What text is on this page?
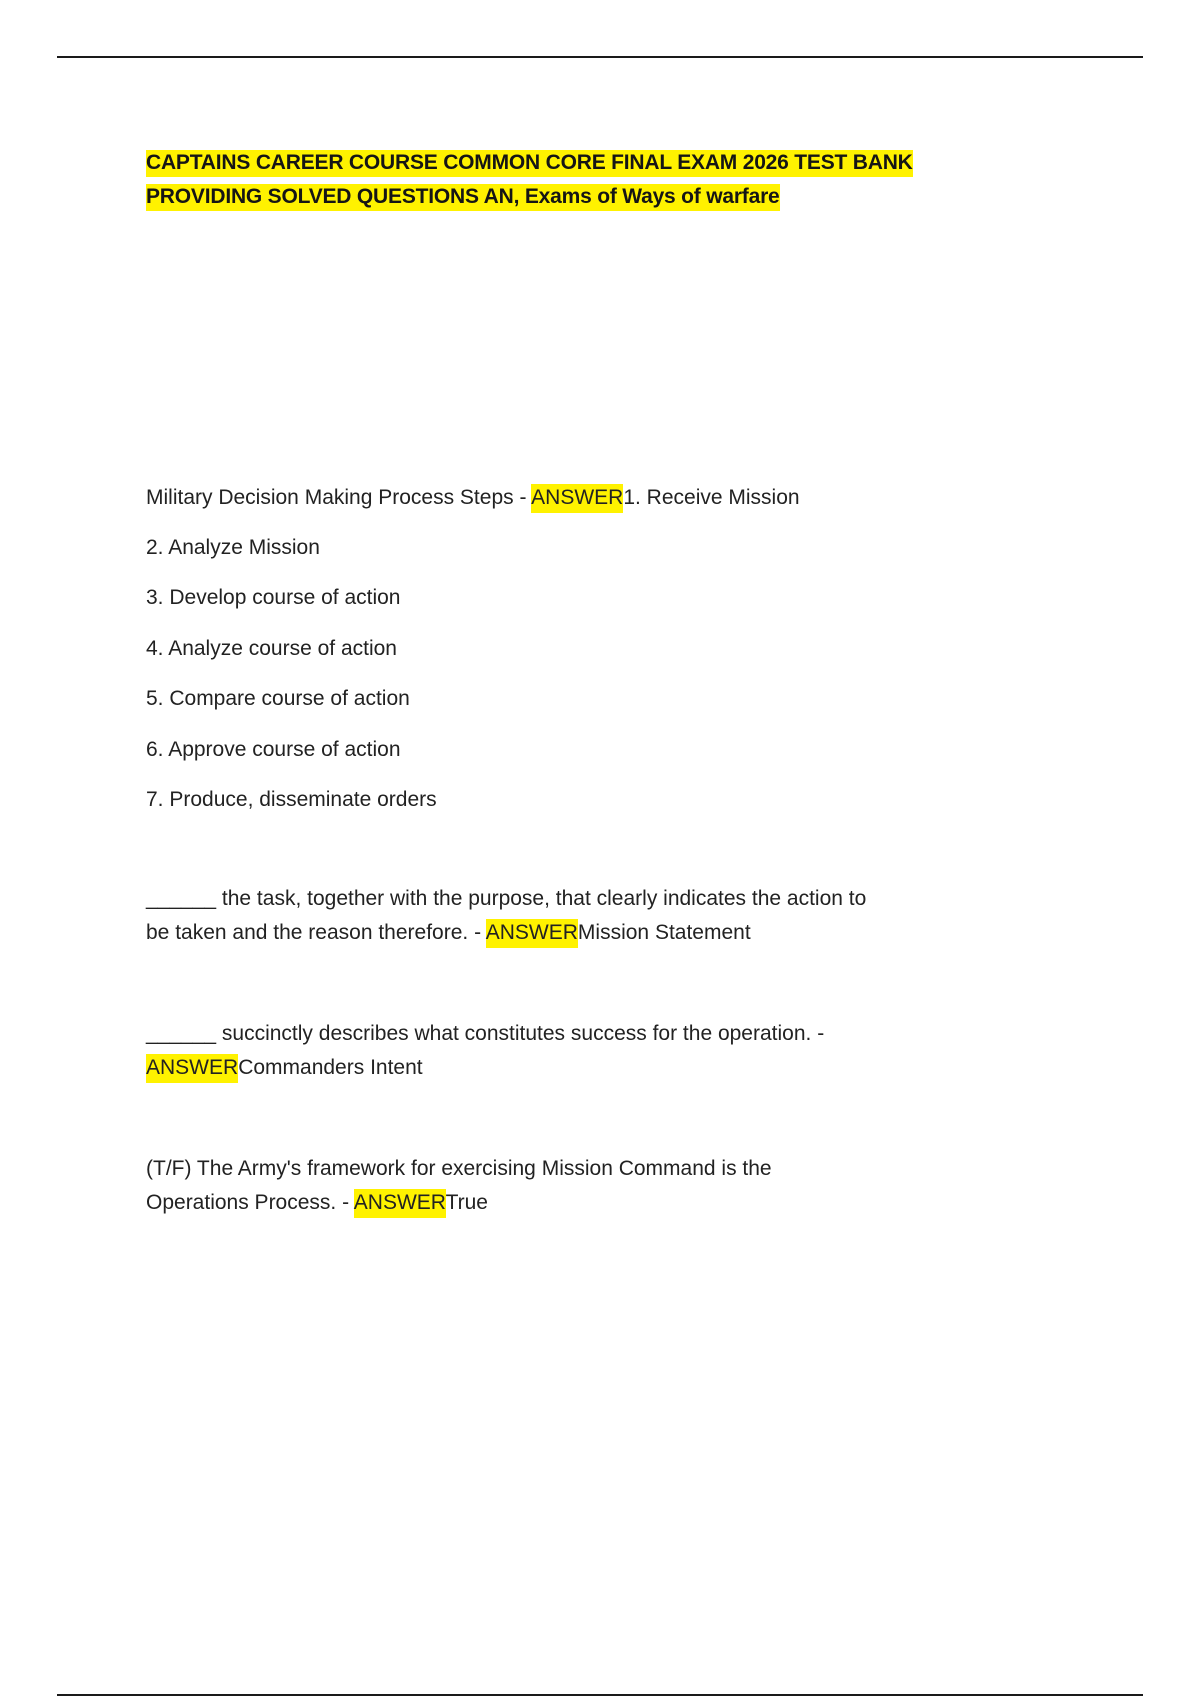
CAPTAINS CAREER COURSE COMMON CORE FINAL EXAM 2026 TEST BANK
PROVIDING SOLVED QUESTIONS AN, Exams of Ways of warfare
Military Decision Making Process Steps - ANSWER1. Receive Mission
2. Analyze Mission
3. Develop course of action
4. Analyze course of action
5. Compare course of action
6. Approve course of action
7. Produce, disseminate orders
______ the task, together with the purpose, that clearly indicates the action to
be taken and the reason therefore. - ANSWERMission Statement
______ succinctly describes what constitutes success for the operation. -
ANSWERCommanders Intent
(T/F) The Army's framework for exercising Mission Command is the
Operations Process. - ANSWERTrue
